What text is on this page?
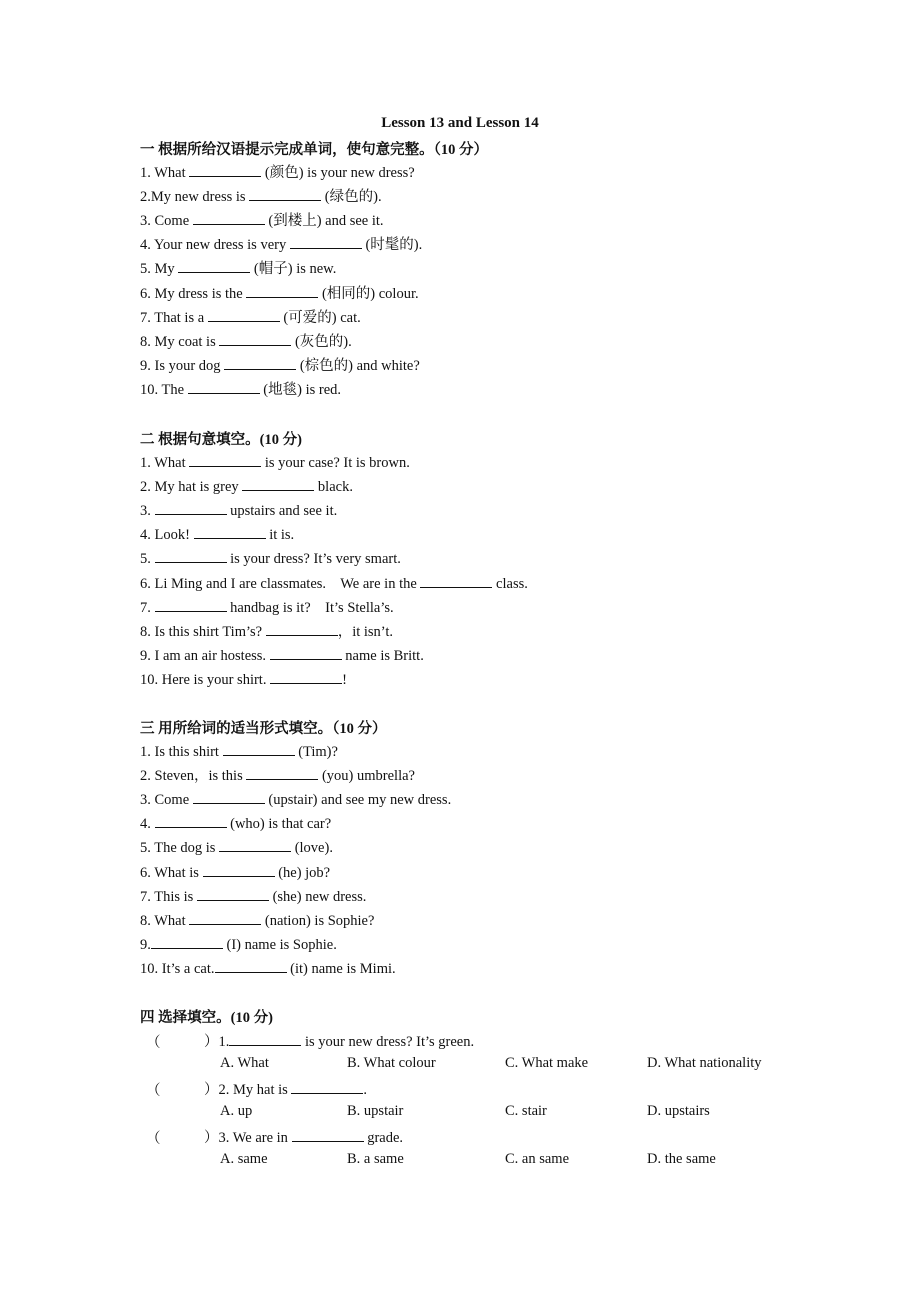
Lesson 13 and Lesson 14
一 根据所给汉语提示完成单词，使句意完整。（10 分）
1. What	(颜色) is your new dress?
2.My new dress is	(绿色的).
3. Come	(到楼上) and see it.
4. Your new dress is very	(时髦的).
5. My	(帽子) is new.
6. My dress is the	(相同的) colour.
7. That is a	(可爱的) cat.
8. My coat is	(灰色的).
9. Is your dog	(棕色的) and white?
10. The	(地毯) is red.
二 根据句意填空。(10 分)
1. What	is your case? It is brown.
2. My hat is grey	black.
3.	upstairs and see it.
4. Look!	it is.
5.	is your dress? It’s very smart.
6. Li Ming and I are classmates.    We are in the	class.
7.	handbag is it?    It’s Stella’s.
8. Is this shirt Tim’s?	，it isn’t.
9. I am an air hostess.	name is Britt.
10. Here is your shirt.	!
三 用所给词的适当形式填空。（10 分）
1. Is this shirt	(Tim)?
2. Steven，is this	(you) umbrella?
3. Come	(upstair) and see my new dress.
4.	(who) is that car?
5. The dog is	(love).
6. What is	(he) job?
7. This is	(she) new dress.
8. What	(nation) is Sophie?
9.	(I) name is Sophie.
10. It’s a cat.	(it) name is Mimi.
四 选择填空。(10 分)
（	）1.	is your new dress? It’s green.
A. What	B. What colour	C. What make	D. What nationality
（	）2. My hat is	.
A. up	B. upstair	C. stair	D. upstairs
（	）3. We are in	grade.
A. same	B. a same	C. an same	D. the same
